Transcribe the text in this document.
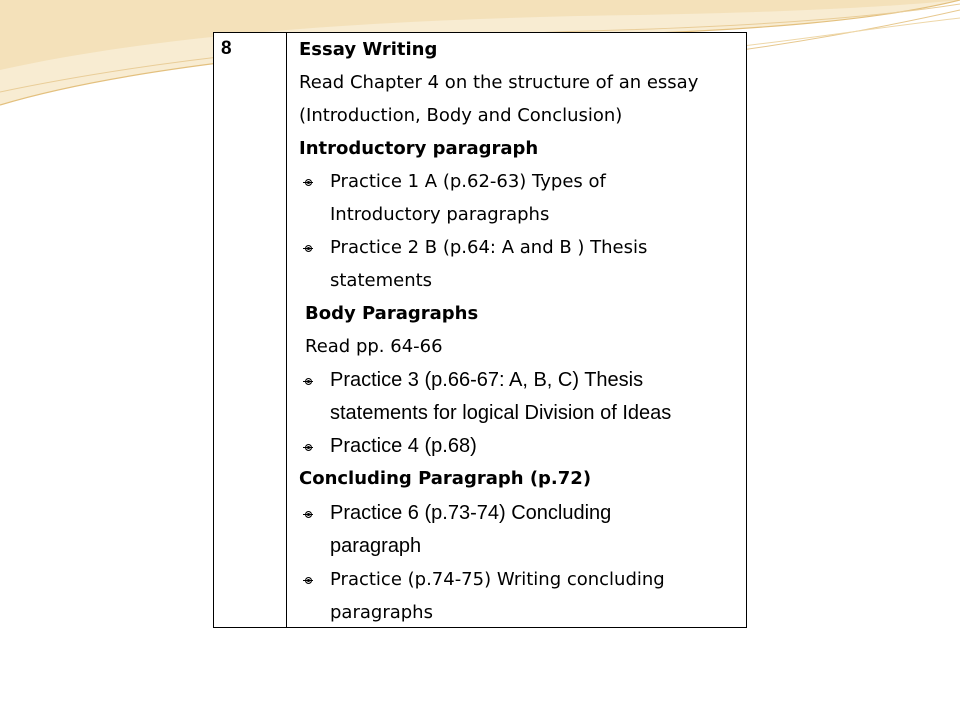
8	Essay Writing
Read Chapter 4 on the structure of an essay
(Introduction, Body and Conclusion)
Introductory paragraph
Practice 1 A (p.62-63) Types of
Introductory paragraphs
Practice 2 B (p.64: A and B ) Thesis
statements
Body Paragraphs
Read pp. 64-66
Practice 3 (p.66-67: A, B, C) Thesis
statements for logical Division of Ideas
Practice 4 (p.68)
Concluding Paragraph (p.72)
Practice 6 (p.73-74) Concluding
paragraph
Practice (p.74-75) Writing concluding
paragraphs
